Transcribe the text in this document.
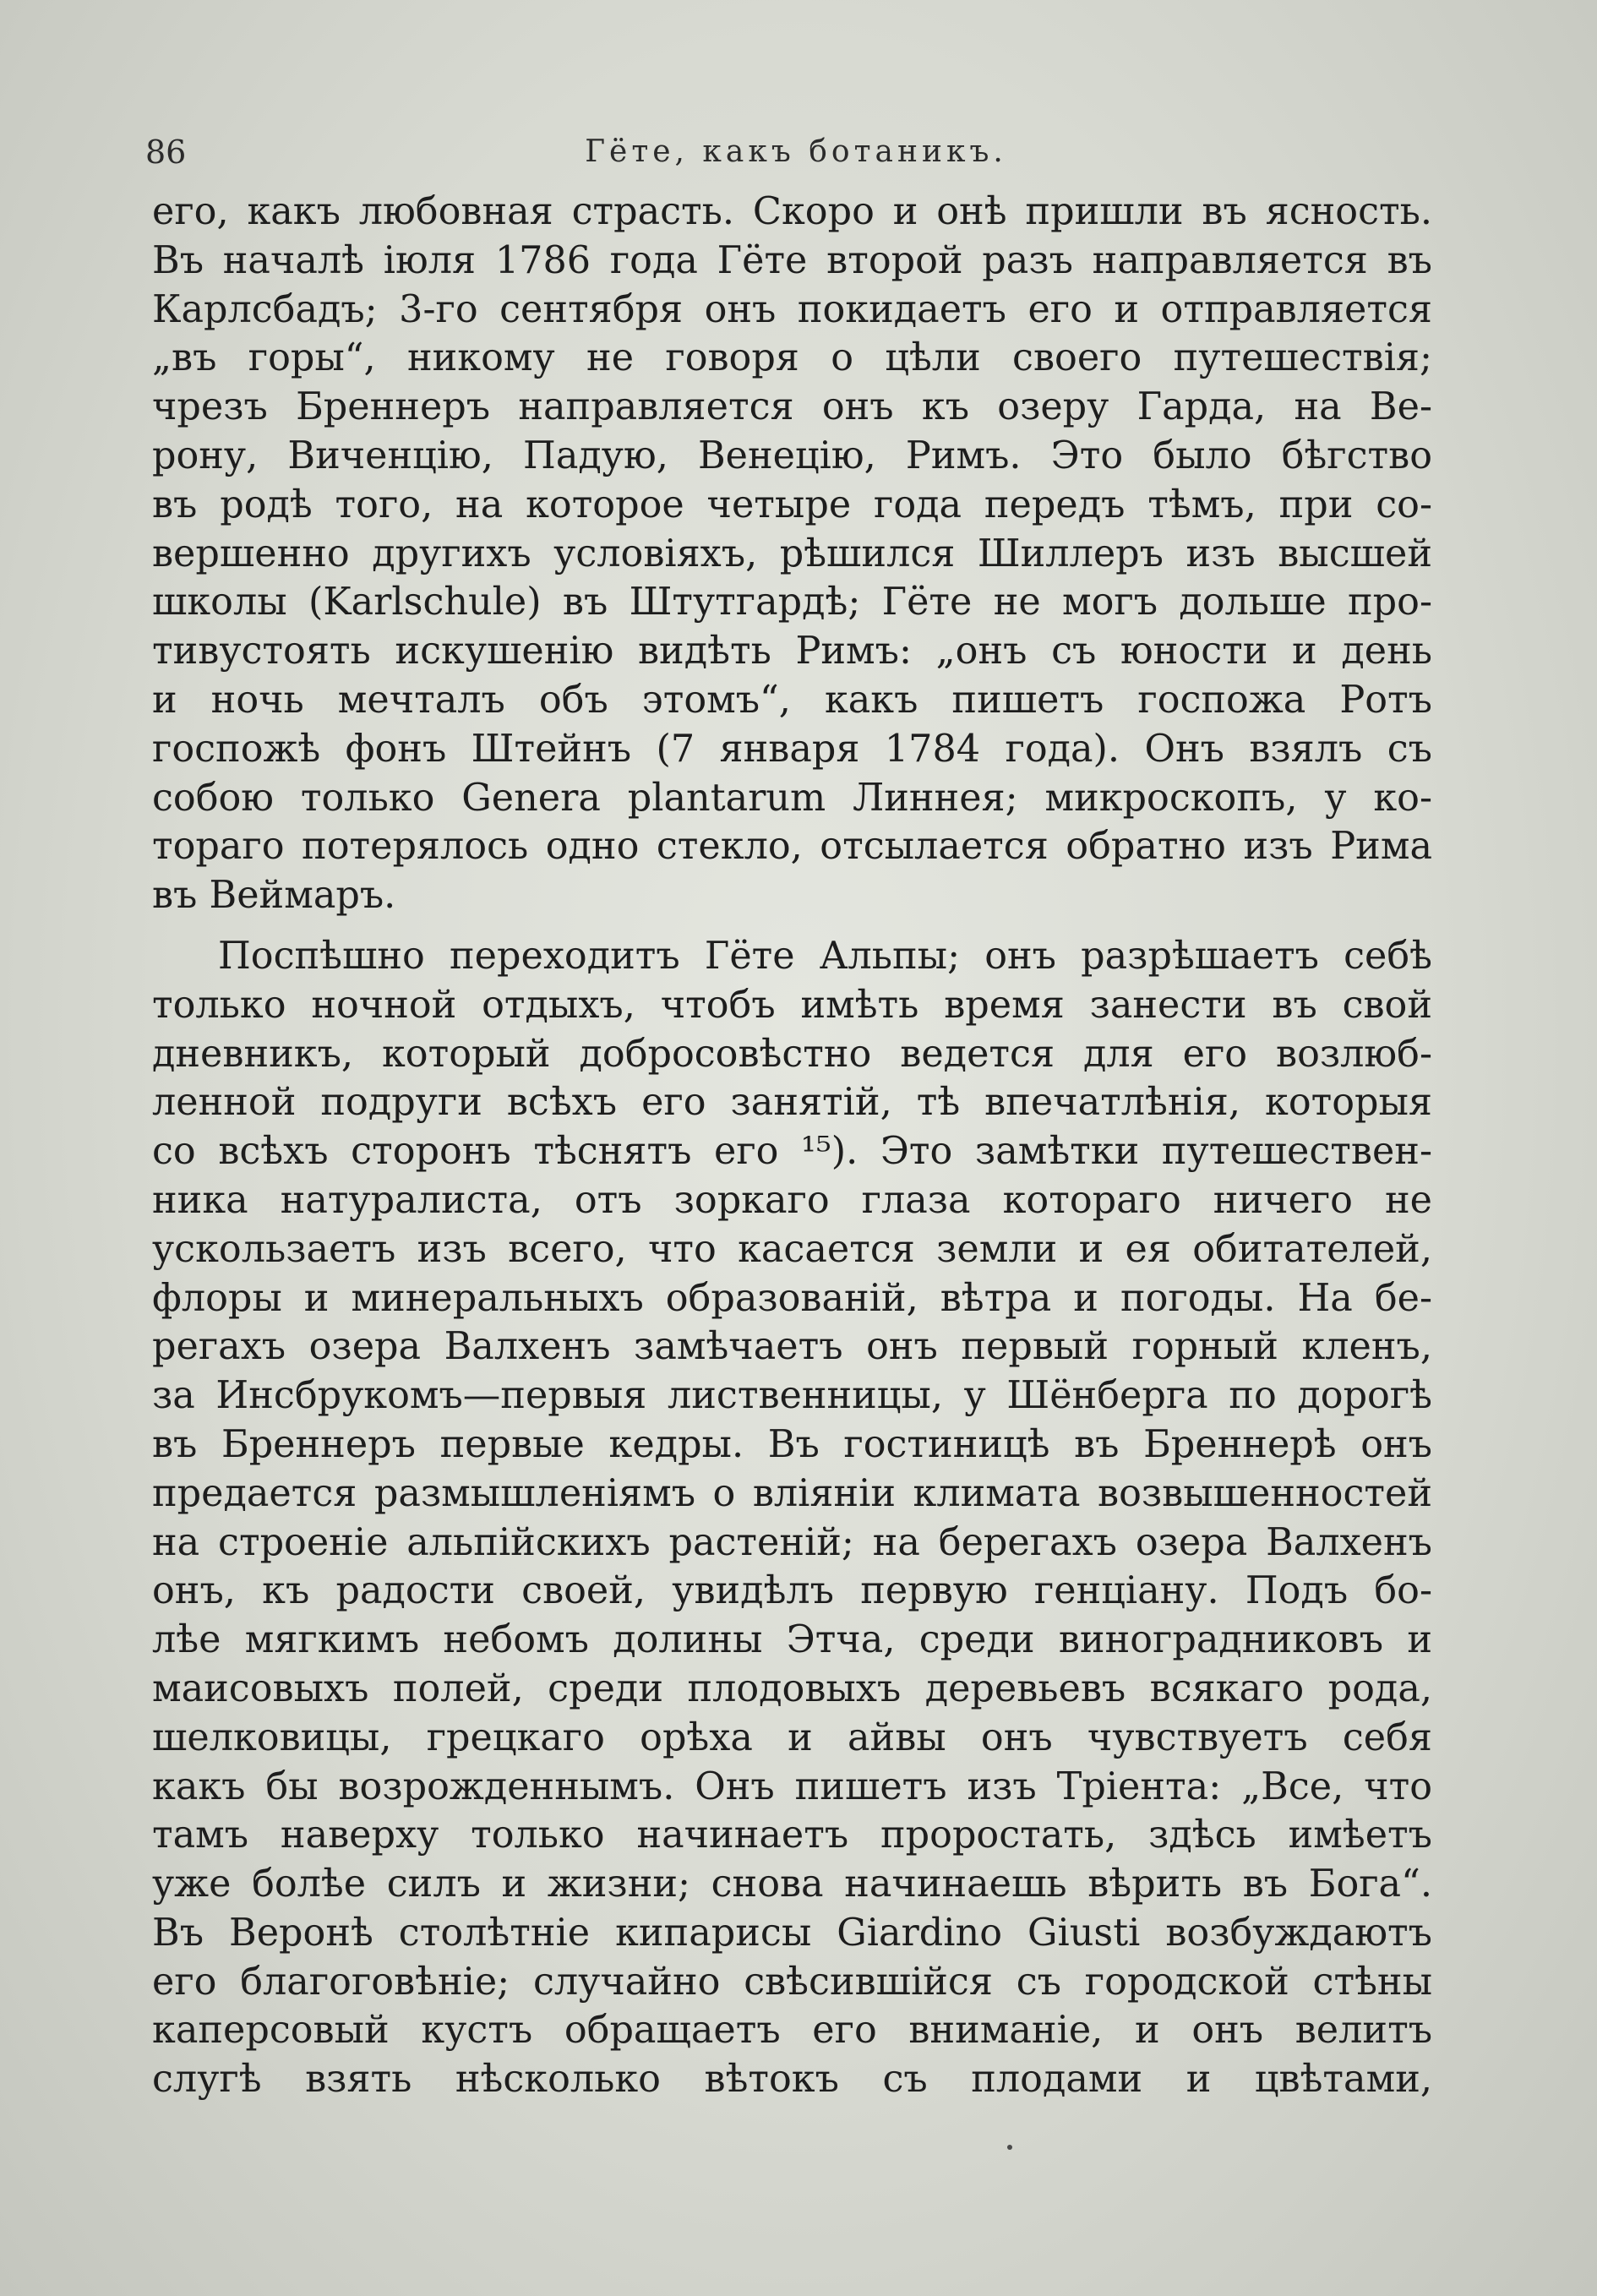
86	Гёте, какъ ботаникъ.
его, какъ любовная страсть. Скоро и онѣ пришли въ ясность.
Въ началѣ іюля 1786 года Гёте второй разъ направляется въ
Карлсбадъ; 3-го сентября онъ покидаетъ его и отправляется
„въ горы“, никому не говоря о цѣли своего путешествія;
чрезъ Бреннеръ направляется онъ къ озеру Гарда, на Ве-
рону, Виченцію, Падую, Венецію, Римъ. Это было бѣгство
въ родѣ того, на которое четыре года передъ тѣмъ, при со-
вершенно другихъ условіяхъ, рѣшился Шиллеръ изъ высшей
школы (Karlschule) въ Штутгардѣ; Гёте не могъ дольше про-
тивустоять искушенію видѣть Римъ: „онъ съ юности и день
и ночь мечталъ объ этомъ“, какъ пишетъ госпожа Ротъ
госпожѣ фонъ Штейнъ (7 января 1784 года). Онъ взялъ съ
собою только Genera plantarum Линнея; микроскопъ, у ко-
тораго потерялось одно стекло, отсылается обратно изъ Рима
въ Веймаръ.
Поспѣшно переходитъ Гёте Альпы; онъ разрѣшаетъ себѣ
только ночной отдыхъ, чтобъ имѣть время занести въ свой
дневникъ, который добросовѣстно ведется для его возлюб-
ленной подруги всѣхъ его занятій, тѣ впечатлѣнія, которыя
со всѣхъ сторонъ тѣснятъ его ¹⁵). Это замѣтки путешествен-
ника натуралиста, отъ зоркаго глаза котораго ничего не
ускользаетъ изъ всего, что касается земли и ея обитателей,
флоры и минеральныхъ образованій, вѣтра и погоды. На бе-
регахъ озера Валхенъ замѣчаетъ онъ первый горный кленъ,
за Инсбрукомъ—первыя лиственницы, у Шёнберга по дорогѣ
въ Бреннеръ первые кедры. Въ гостиницѣ въ Бреннерѣ онъ
предается размышленіямъ о вліяніи климата возвышенностей
на строеніе альпійскихъ растеній; на берегахъ озера Валхенъ
онъ, къ радости своей, увидѣлъ первую генціану. Подъ бо-
лѣе мягкимъ небомъ долины Этча, среди виноградниковъ и
маисовыхъ полей, среди плодовыхъ деревьевъ всякаго рода,
шелковицы, грецкаго орѣха и айвы онъ чувствуетъ себя
какъ бы возрожденнымъ. Онъ пишетъ изъ Тріента: „Все, что
тамъ наверху только начинаетъ проростать, здѣсь имѣетъ
уже болѣе силъ и жизни; снова начинаешь вѣрить въ Бога“.
Въ Веронѣ столѣтніе кипарисы Giardino Giusti возбуждаютъ
его благоговѣніе; случайно свѣсившійся съ городской стѣны
каперсовый кустъ обращаетъ его вниманіе, и онъ велитъ
слугѣ взять нѣсколько вѣтокъ съ плодами и цвѣтами,
